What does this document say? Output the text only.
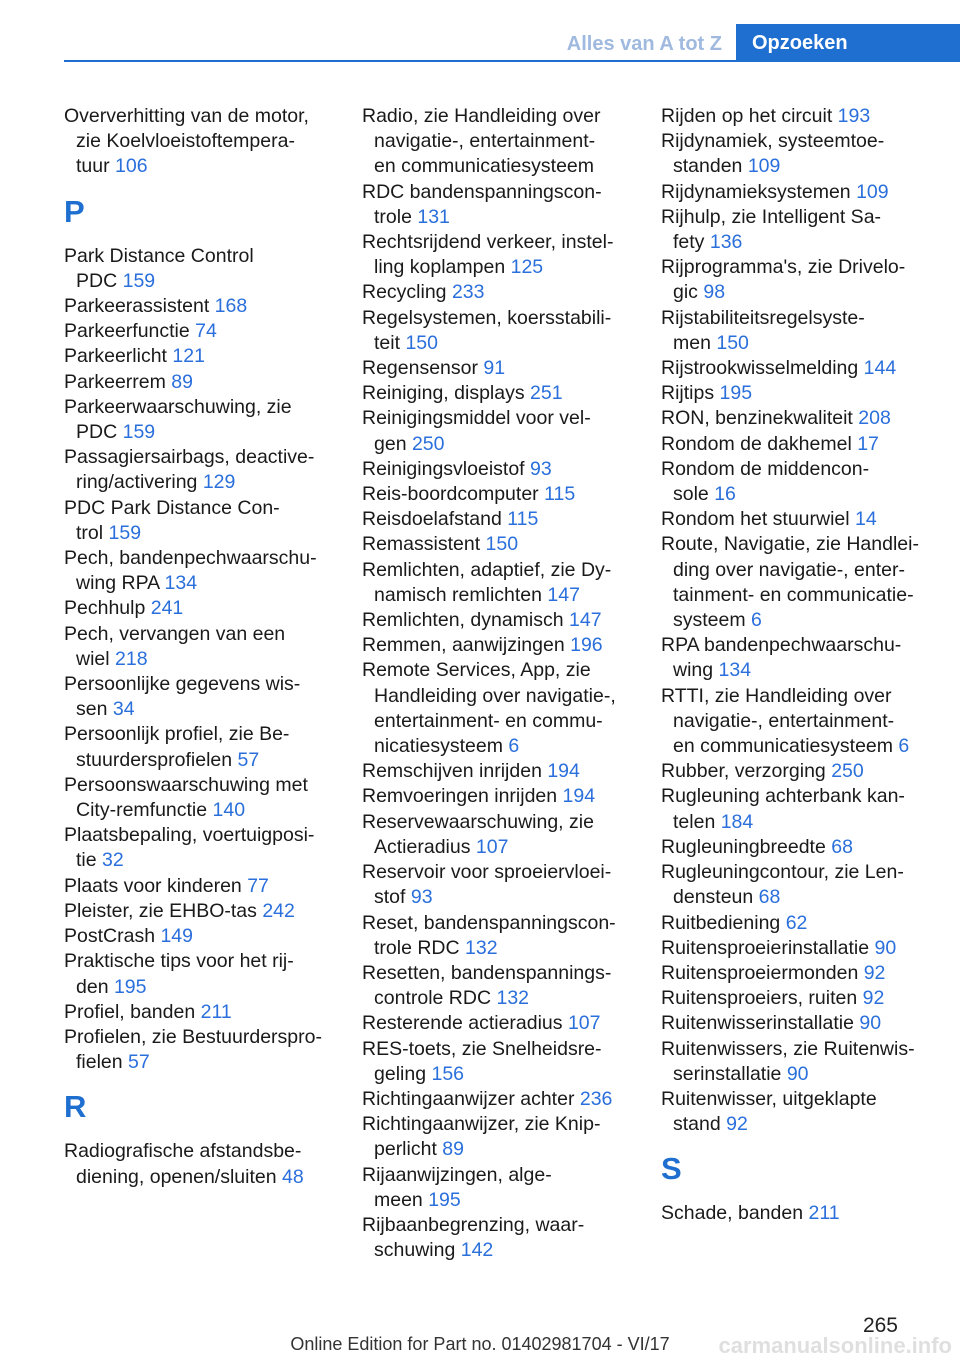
Alles van A tot Z	Opzoeken
Oververhitting van de motor,
zie Koelvloeistoftempera‐
tuur 106
P
Park Distance Control
PDC 159
Parkeerassistent 168
Parkeerfunctie 74
Parkeerlicht 121
Parkeerrem 89
Parkeerwaarschuwing, zie
PDC 159
Passagiersairbags, deactive‐
ring/activering 129
PDC Park Distance Con‐
trol 159
Pech, bandenpechwaarschu‐
wing RPA 134
Pechhulp 241
Pech, vervangen van een
wiel 218
Persoonlijke gegevens wis‐
sen 34
Persoonlijk profiel, zie Be‐
stuurdersprofielen 57
Persoonswaarschuwing met
City-remfunctie 140
Plaatsbepaling, voertuigposi‐
tie 32
Plaats voor kinderen 77
Pleister, zie EHBO-tas 242
PostCrash 149
Praktische tips voor het rij‐
den 195
Profiel, banden 211
Profielen, zie Bestuurderspro‐
fielen 57
R
Radiografische afstandsbe‐
diening, openen/sluiten 48
Radio, zie Handleiding over
navigatie-, entertainment-
en communicatiesysteem
RDC bandenspanningscon‐
trole 131
Rechtsrijdend verkeer, instel‐
ling koplampen 125
Recycling 233
Regelsystemen, koersstabili‐
teit 150
Regensensor 91
Reiniging, displays 251
Reinigingsmiddel voor vel‐
gen 250
Reinigingsvloeistof 93
Reis-boordcomputer 115
Reisdoelafstand 115
Remassistent 150
Remlichten, adaptief, zie Dy‐
namisch remlichten 147
Remlichten, dynamisch 147
Remmen, aanwijzingen 196
Remote Services, App, zie
Handleiding over navigatie-,
entertainment- en commu‐
nicatiesysteem 6
Remschijven inrijden 194
Remvoeringen inrijden 194
Reservewaarschuwing, zie
Actieradius 107
Reservoir voor sproeiervloei‐
stof 93
Reset, bandenspanningscon‐
trole RDC 132
Resetten, bandenspannings‐
controle RDC 132
Resterende actieradius 107
RES-toets, zie Snelheidsre‐
geling 156
Richtingaanwijzer achter 236
Richtingaanwijzer, zie Knip‐
perlicht 89
Rijaanwijzingen, alge‐
meen 195
Rijbaanbegrenzing, waar‐
schuwing 142
Rijden op het circuit 193
Rijdynamiek, systeemtoe‐
standen 109
Rijdynamieksystemen 109
Rijhulp, zie Intelligent Sa‐
fety 136
Rijprogramma's, zie Drivelo‐
gic 98
Rijstabiliteitsregelsyste‐
men 150
Rijstrookwisselmelding 144
Rijtips 195
RON, benzinekwaliteit 208
Rondom de dakhemel 17
Rondom de middencon‐
sole 16
Rondom het stuurwiel 14
Route, Navigatie, zie Handlei‐
ding over navigatie-, enter‐
tainment- en communicatie‐
systeem 6
RPA bandenpechwaarschu‐
wing 134
RTTI, zie Handleiding over
navigatie-, entertainment-
en communicatiesysteem 6
Rubber, verzorging 250
Rugleuning achterbank kan‐
telen 184
Rugleuningbreedte 68
Rugleuningcontour, zie Len‐
densteun 68
Ruitbediening 62
Ruitensproeierinstallatie 90
Ruitensproeiermonden 92
Ruitensproeiers, ruiten 92
Ruitenwisserinstallatie 90
Ruitenwissers, zie Ruitenwis‐
serinstallatie 90
Ruitenwisser, uitgeklapte
stand 92
S
Schade, banden 211
265
Online Edition for Part no. 01402981704 - VI/17	carmanualsonline.info
